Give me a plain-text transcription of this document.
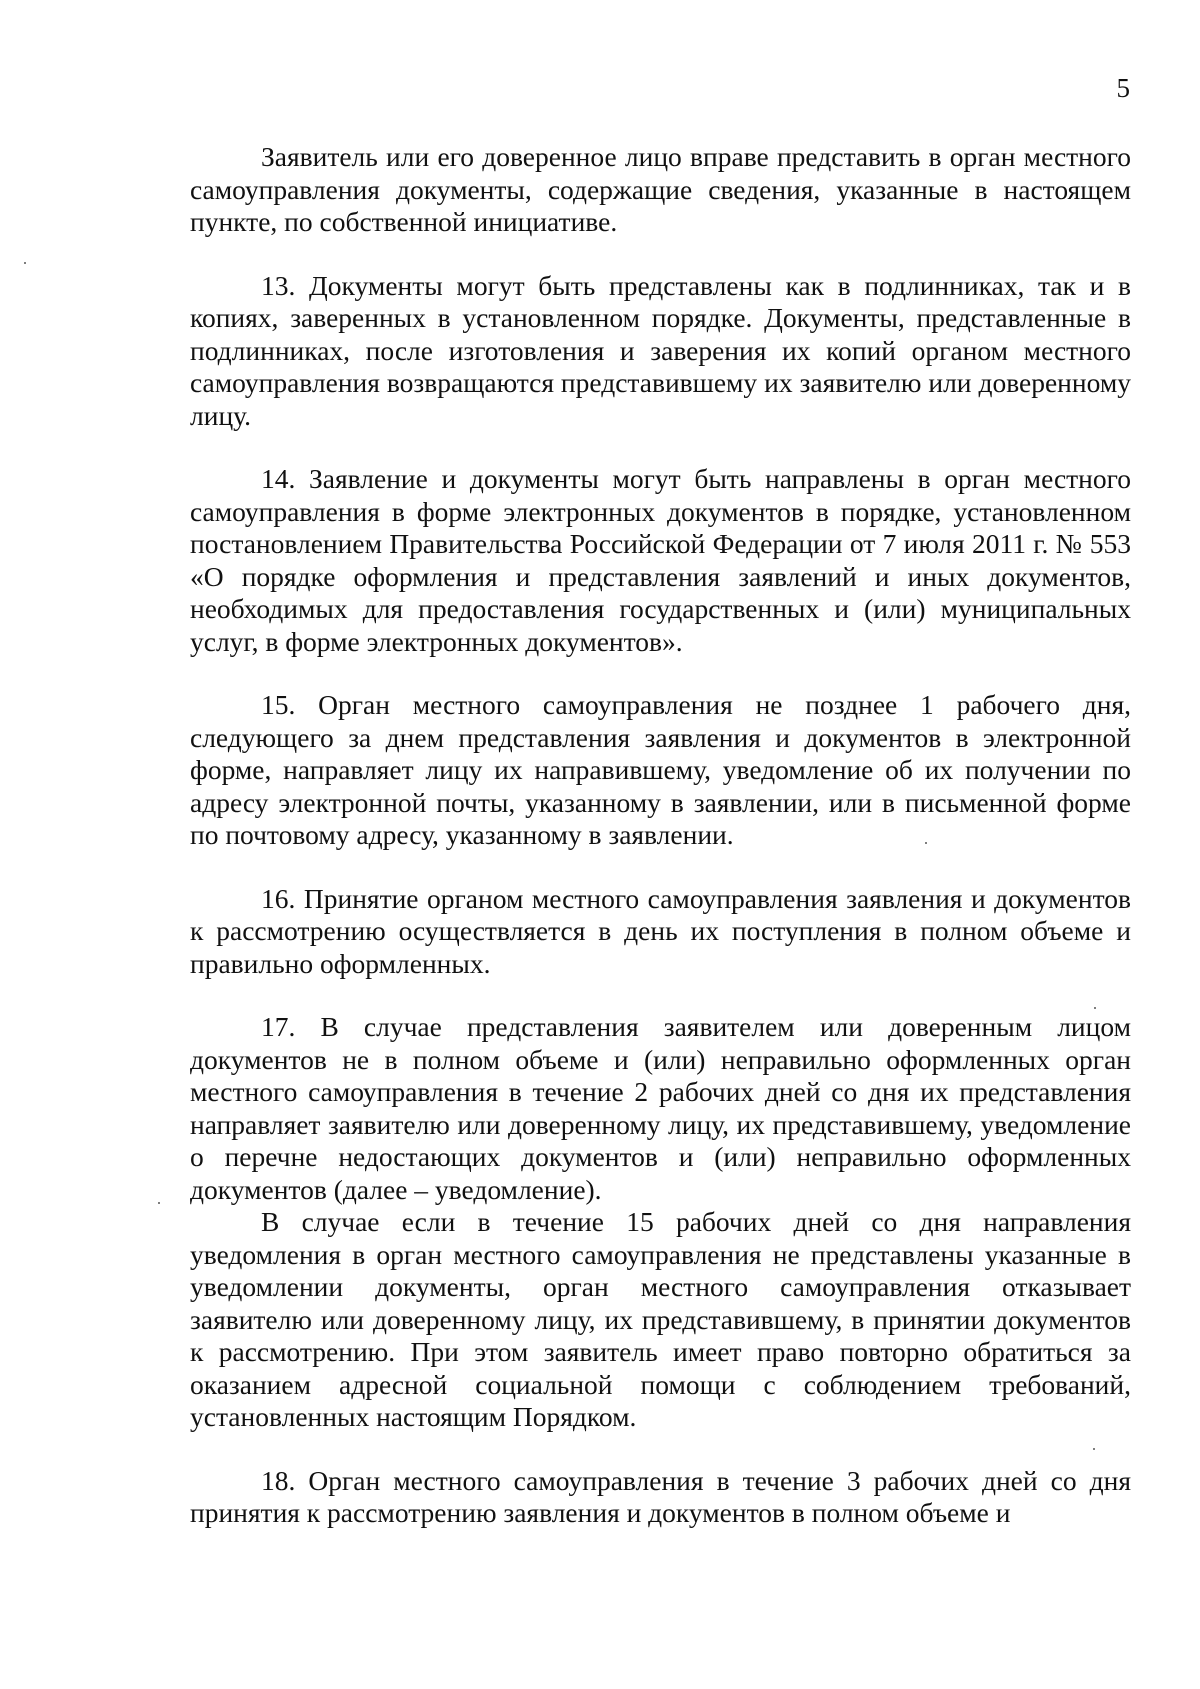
5

Заявитель или его доверенное лицо вправе представить в орган местного самоуправления документы, содержащие сведения, указанные в настоящем пункте, по собственной инициативе.

13. Документы могут быть представлены как в подлинниках, так и в копиях, заверенных в установленном порядке. Документы, представленные в подлинниках, после изготовления и заверения их копий органом местного самоуправления возвращаются представившему их заявителю или доверенному лицу.

14. Заявление и документы могут быть направлены в орган местного самоуправления в форме электронных документов в порядке, установленном постановлением Правительства Российской Федерации от 7 июля 2011 г. № 553 «О порядке оформления и представления заявлений и иных документов, необходимых для предоставления государственных и (или) муниципальных услуг, в форме электронных документов».

15. Орган местного самоуправления не позднее 1 рабочего дня, следующего за днем представления заявления и документов в электронной форме, направляет лицу их направившему, уведомление об их получении по адресу электронной почты, указанному в заявлении, или в письменной форме по почтовому адресу, указанному в заявлении.

16. Принятие органом местного самоуправления заявления и документов к рассмотрению осуществляется в день их поступления в полном объеме и правильно оформленных.

17. В случае представления заявителем или доверенным лицом документов не в полном объеме и (или) неправильно оформленных орган местного самоуправления в течение 2 рабочих дней со дня их представления направляет заявителю или доверенному лицу, их представившему, уведомление о перечне недостающих документов и (или) неправильно оформленных документов (далее – уведомление).

В случае если в течение 15 рабочих дней со дня направления уведомления в орган местного самоуправления не представлены указанные в уведомлении документы, орган местного самоуправления отказывает заявителю или доверенному лицу, их представившему, в принятии документов к рассмотрению. При этом заявитель имеет право повторно обратиться за оказанием адресной социальной помощи с соблюдением требований, установленных настоящим Порядком.

18. Орган местного самоуправления в течение 3 рабочих дней со дня принятия к рассмотрению заявления и документов в полном объеме и
